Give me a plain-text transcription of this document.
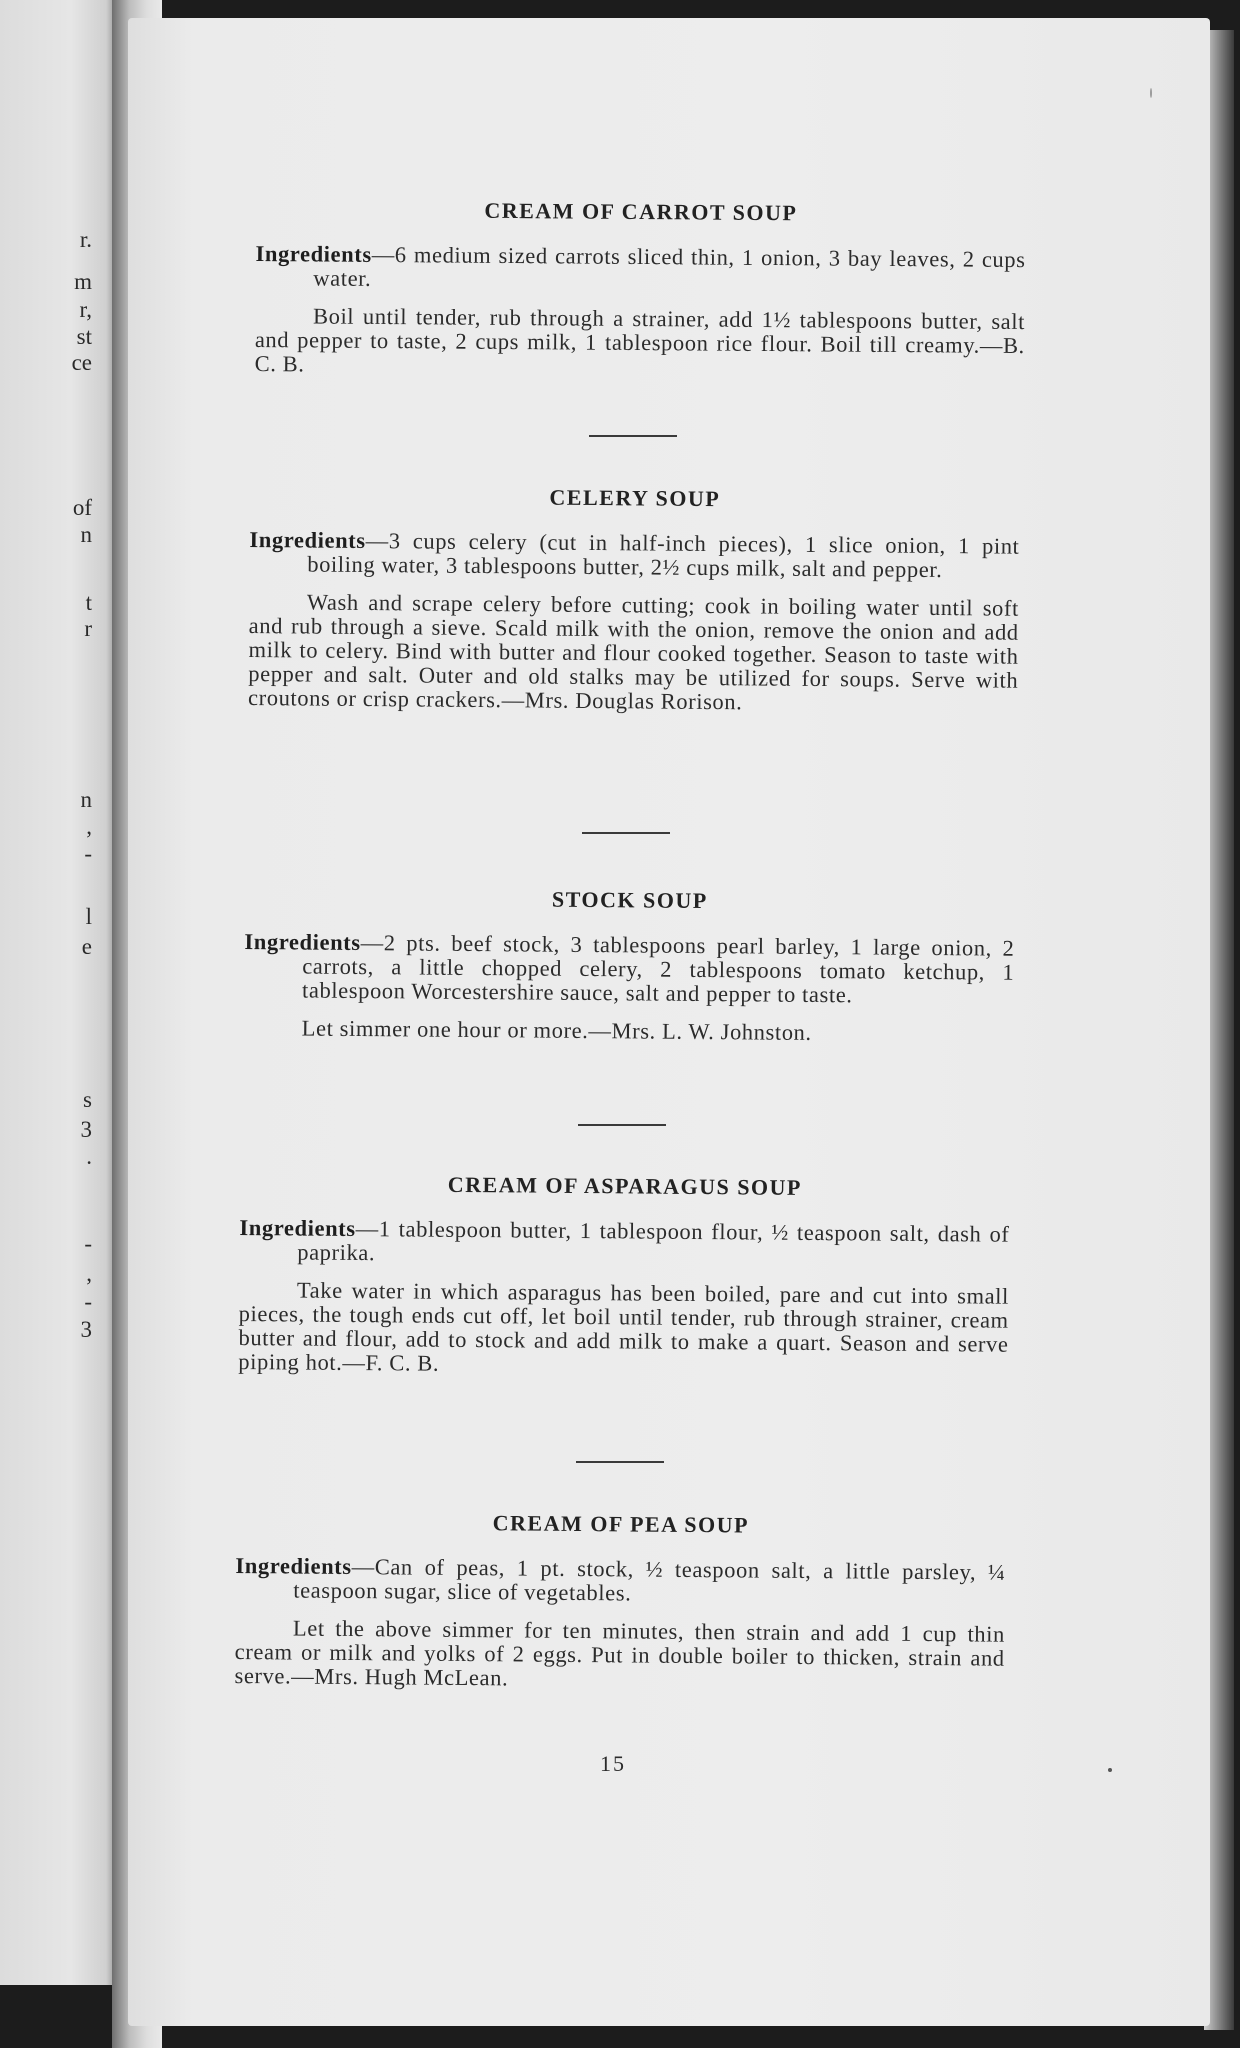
r.
m
r,
st
ce
of
n
t
r
n
,
-
l
e
s
3
.
-
,
-
3
CREAM OF CARROT SOUP

Ingredients—6 medium sized carrots sliced thin, 1 onion, 3 bay leaves, 2 cups water.

Boil until tender, rub through a strainer, add 1½ tablespoons butter, salt and pepper to taste, 2 cups milk, 1 tablespoon rice flour. Boil till creamy.—B. C. B.

CELERY SOUP

Ingredients—3 cups celery (cut in half-inch pieces), 1 slice onion, 1 pint boiling water, 3 tablespoons butter, 2½ cups milk, salt and pepper.

Wash and scrape celery before cutting; cook in boiling water until soft and rub through a sieve. Scald milk with the onion, remove the onion and add milk to celery. Bind with butter and flour cooked together. Season to taste with pepper and salt. Outer and old stalks may be utilized for soups. Serve with croutons or crisp crackers.—Mrs. Douglas Rorison.

STOCK SOUP

Ingredients—2 pts. beef stock, 3 tablespoons pearl barley, 1 large onion, 2 carrots, a little chopped celery, 2 tablespoons tomato ketchup, 1 tablespoon Worcestershire sauce, salt and pepper to taste.

Let simmer one hour or more.—Mrs. L. W. Johnston.

CREAM OF ASPARAGUS SOUP

Ingredients—1 tablespoon butter, 1 tablespoon flour, ½ teaspoon salt, dash of paprika.

Take water in which asparagus has been boiled, pare and cut into small pieces, the tough ends cut off, let boil until tender, rub through strainer, cream butter and flour, add to stock and add milk to make a quart. Season and serve piping hot.—F. C. B.

CREAM OF PEA SOUP

Ingredients—Can of peas, 1 pt. stock, ½ teaspoon salt, a little parsley, ¼ teaspoon sugar, slice of vegetables.

Let the above simmer for ten minutes, then strain and add 1 cup thin cream or milk and yolks of 2 eggs. Put in double boiler to thicken, strain and serve.—Mrs. Hugh McLean.

15
